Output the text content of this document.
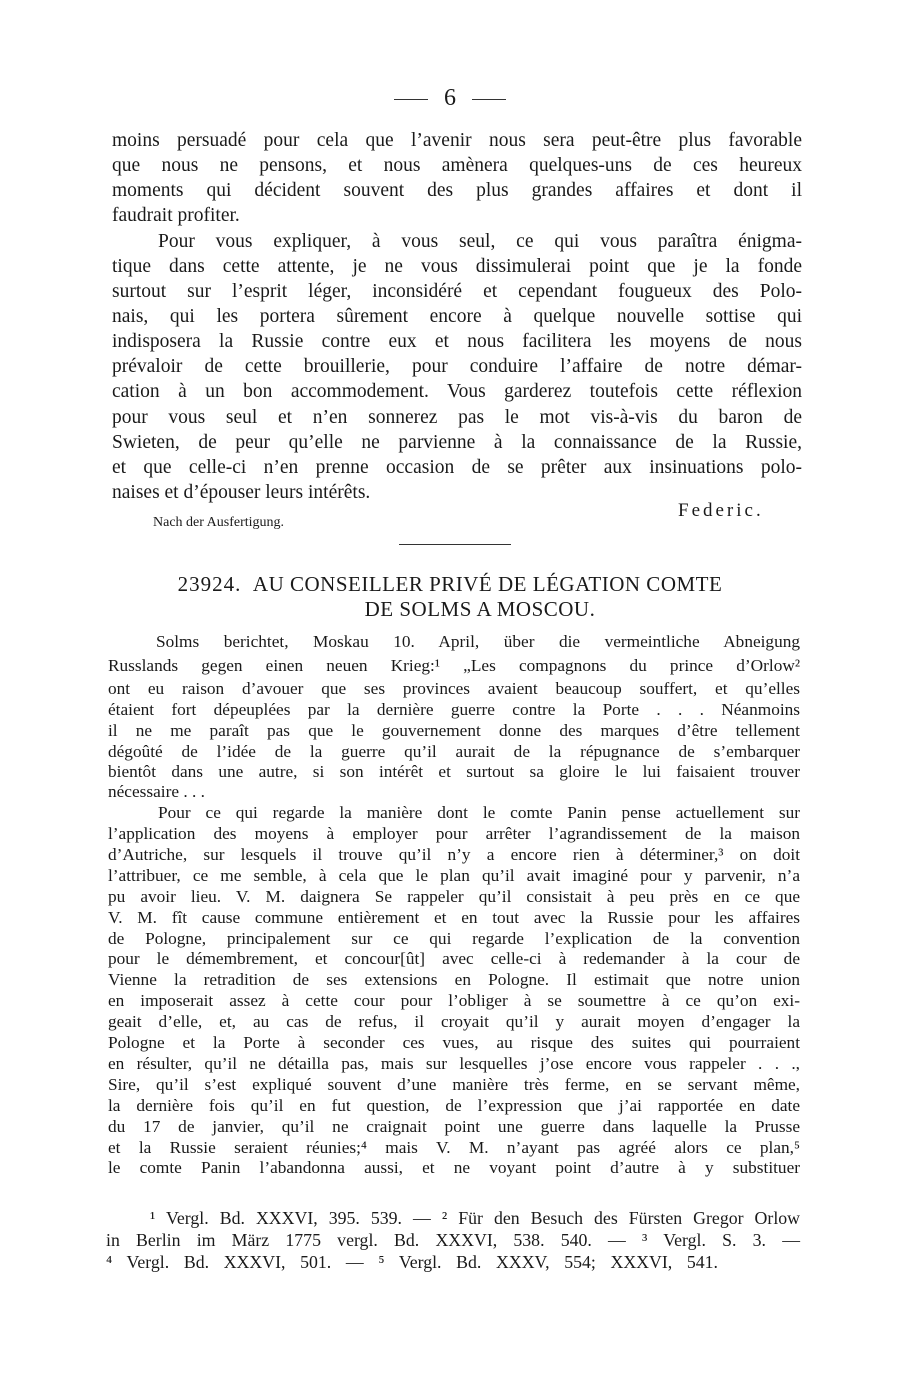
6
moins persuadé pour cela que l’avenir nous sera peut-être plus favorable
que nous ne pensons, et nous amènera quelques-uns de ces heureux
moments qui décident souvent des plus grandes affaires et dont il
faudrait profiter.
Pour vous expliquer, à vous seul, ce qui vous paraîtra énigma-
tique dans cette attente, je ne vous dissimulerai point que je la fonde
surtout sur l’esprit léger, inconsidéré et cependant fougueux des Polo-
nais, qui les portera sûrement encore à quelque nouvelle sottise qui
indisposera la Russie contre eux et nous facilitera les moyens de nous
prévaloir de cette brouillerie, pour conduire l’affaire de notre démar-
cation à un bon accommodement. Vous garderez toutefois cette réflexion
pour vous seul et n’en sonnerez pas le mot vis-à-vis du baron de
Swieten, de peur qu’elle ne parvienne à la connaissance de la Russie,
et que celle-ci n’en prenne occasion de se prêter aux insinuations polo-
naises et d’épouser leurs intérêts.
Federic.
Nach der Ausfertigung.
23924. AU CONSEILLER PRIVÉ DE LÉGATION COMTE
DE SOLMS A MOSCOU.
Solms berichtet, Moskau 10. April, über die vermeintliche Abneigung
Russlands gegen einen neuen Krieg:¹ „Les compagnons du prince d’Orlow²
ont eu raison d’avouer que ses provinces avaient beaucoup souffert, et qu’elles
étaient fort dépeuplées par la dernière guerre contre la Porte . . . Néanmoins
il ne me paraît pas que le gouvernement donne des marques d’être tellement
dégoûté de l’idée de la guerre qu’il aurait de la répugnance de s’embarquer
bientôt dans une autre, si son intérêt et surtout sa gloire le lui faisaient trouver
nécessaire . . .
Pour ce qui regarde la manière dont le comte Panin pense actuellement sur
l’application des moyens à employer pour arrêter l’agrandissement de la maison
d’Autriche, sur lesquels il trouve qu’il n’y a encore rien à déterminer,³ on doit
l’attribuer, ce me semble, à cela que le plan qu’il avait imaginé pour y parvenir, n’a
pu avoir lieu. V. M. daignera Se rappeler qu’il consistait à peu près en ce que
V. M. fît cause commune entièrement et en tout avec la Russie pour les affaires
de Pologne, principalement sur ce qui regarde l’explication de la convention
pour le démembrement, et concour[ût] avec celle-ci à redemander à la cour de
Vienne la retradition de ses extensions en Pologne. Il estimait que notre union
en imposerait assez à cette cour pour l’obliger à se soumettre à ce qu’on exi-
geait d’elle, et, au cas de refus, il croyait qu’il y aurait moyen d’engager la
Pologne et la Porte à seconder ces vues, au risque des suites qui pourraient
en résulter, qu’il ne détailla pas, mais sur lesquelles j’ose encore vous rappeler . . .,
Sire, qu’il s’est expliqué souvent d’une manière très ferme, en se servant même,
la dernière fois qu’il en fut question, de l’expression que j’ai rapportée en date
du 17 de janvier, qu’il ne craignait point une guerre dans laquelle la Prusse
et la Russie seraient réunies;⁴ mais V. M. n’ayant pas agréé alors ce plan,⁵
le comte Panin l’abandonna aussi, et ne voyant point d’autre à y substituer
¹ Vergl. Bd. XXXVI, 395. 539. — ² Für den Besuch des Fürsten Gregor Orlow
in Berlin im März 1775 vergl. Bd. XXXVI, 538. 540. — ³ Vergl. S. 3. —
⁴ Vergl. Bd. XXXVI, 501. — ⁵ Vergl. Bd. XXXV, 554; XXXVI, 541.
